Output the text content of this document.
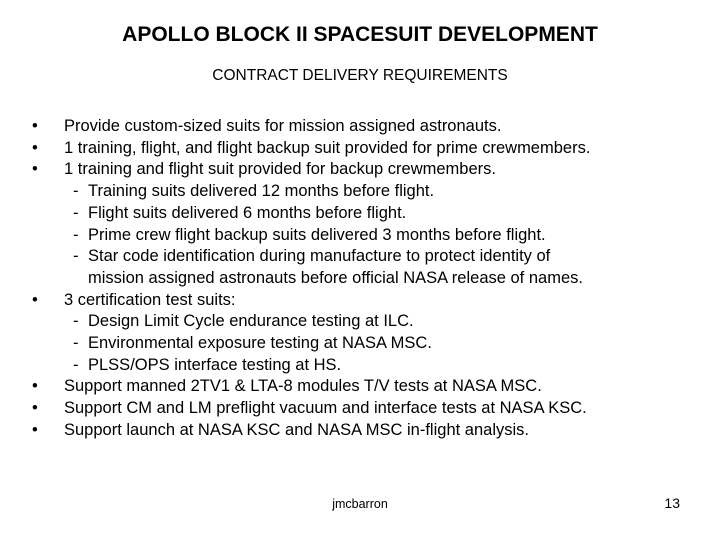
APOLLO BLOCK II SPACESUIT DEVELOPMENT
CONTRACT DELIVERY REQUIREMENTS
• Provide custom-sized suits for mission assigned astronauts.
• 1 training, flight, and flight backup suit provided for prime crewmembers.
• 1 training and flight suit provided for backup crewmembers.
- Training suits delivered 12 months before flight.
- Flight suits delivered 6 months before flight.
- Prime crew flight backup suits delivered 3 months before flight.
- Star code identification during manufacture to protect identity of
mission assigned astronauts before official NASA release of names.
• 3 certification test suits:
- Design Limit Cycle endurance testing at ILC.
- Environmental exposure testing at NASA MSC.
- PLSS/OPS interface testing at HS.
• Support manned 2TV1 & LTA-8 modules T/V tests at NASA MSC.
• Support CM and LM preflight vacuum and interface tests at NASA KSC.
• Support launch at NASA KSC and NASA MSC in-flight analysis.
jmcbarron	13
